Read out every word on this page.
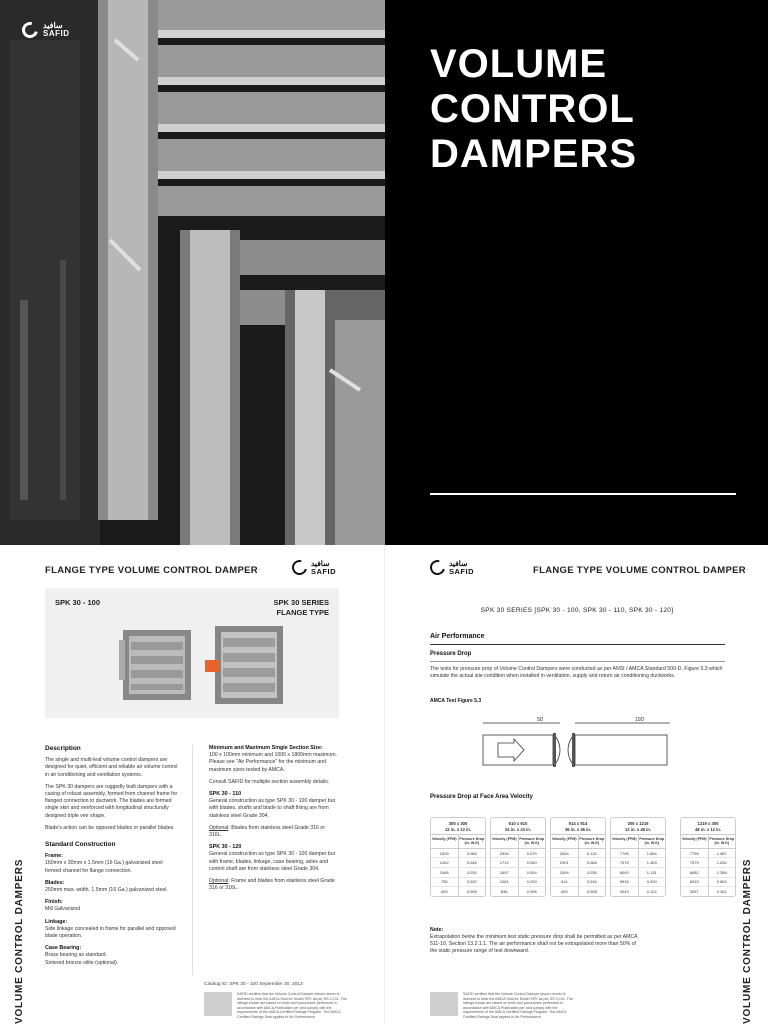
سافيد
SAFID
VOLUME
CONTROL
DAMPERS
FLANGE TYPE VOLUME CONTROL DAMPER
سافيد
SAFID
SPK 30 - 100	SPK 30 SERIES
FLANGE TYPE
Description

The single and multi-leaf volume control dampers are designed for quiet, efficient and reliable air volume control in air conditioning and ventilation systems.

The SPK 30 dampers are ruggedly built dampers with a casing of robust assembly, formed from channel frame for flanged connection to ductwork. The blades are formed single skin and reinforced with longitudinal structurally designed triple vee shape.

Blade's action can be opposed blades or parallel blades.

Standard Construction
Frame:

160mm x 30mm x 1.5mm (16 Ga.) galvanized steel formed channel for flange connection.

Blades:

250mm max. width, 1.5mm (16 Ga.) galvanized steel.

Finish:

Mill Galvanized

Linkage:

Side linkage concealed in frame for parallel and opposed blade operation.

Case Bearing:
Brass bearing as standard.
Sintered bronze oilite (optional).
Minimum and Maximum Single Section Size:

100 x 100mm minimum and 1000 x 1800mm maximum. Please see "Air Performance" for the minimum and maximum sizes tested by AMCA.

Consult SAFID for multiple section assembly details.

SPK 30 - 110

General construction as type SPK 30 - 100 damper but with blades, shafts and blade to shaft fixing are from stainless steel Grade 304.

Optional: Blades from stainless steel Grade 316 or 316L.

SPK 30 - 120

General construction as type SPK 30 - 100 damper but with frame, blades, linkage, case bearing, axles and control shaft are from stainless steel Grade 304.

Optional: Frame and blades from stainless steel Grade 316 or 316L.

Catalog ID: SPK 30 - 100 September 30, 2013
SAFID certifies that the Volume Control Damper shown herein is licensed to bear the AMCA Seal for Model SPK as per DS 0-101. The ratings shown are based on tests and procedures performed in accordance with AMCA Publication per and comply with the requirements of the AMCA Certified Ratings Program. The AMCA Certified Ratings Seal applies to Air Performance
VOLUME CONTROL DAMPERS
سافيد
SAFID	FLANGE TYPE VOLUME CONTROL DAMPER
SPK 30 SERIES [SPK 30 - 100, SPK 30 - 110, SPK 30 - 120]
Air Performance
Pressure Drop
The tests for pressure prop of Volume Control Dampers were conducted as per ANSI / AMCA Standard 500-D, Figure 5.3 which simulate the actual site condition when installed in ventilation, supply and return air conditioning ductworks.
AMCA Test Figure 5.3
5D	10D
Pressure Drop at Face Area Velocity
305 x 305
12 in. x 12 in.
Velocity (FPM) Pressure Drop (in. W.G)
1529	0.065
1262	0.046
1066	0.030
755	0.032
493	0.005
610 x 610
24 in. x 24 in.
Velocity (FPM) Pressure Drop (in. W.G)
2930	0.079
1712	0.060
1697	0.054
1061	0.020
836	0.006
914 x 914
36 in. x 36 in.
Velocity (FPM) Pressure Drop (in. W.G)
2694	0.115
1991	0.068
1594	0.035
914	0.016
493	0.008
305 x 1219
12 in. x 48 in.
Velocity (FPM) Pressure Drop (in. W.G)
7795	1.894
7075	1.363
6049	1.131
5916	0.200
3043	0.122
1219 x 305
48 in. x 12 in.
Velocity (FPM) Pressure Drop (in. W.G)
7755	1.987
7579	1.630
6082	1.356
6015	0.802
3057	0.301
Note:
Extrapolation below the minimum test static pressure drop shall be permitted as per AMCA 511-10, Section 13.2.1.1. The air performance shall not be extrapolated more than 50% of the static pressure range of test downward.
SAFID certifies that the Volume Control Damper shown herein is licensed to bear the AMCA Seal for Model SPK as per DS 0-101. The ratings shown are based on tests and procedures performed in accordance with AMCA Publication per and comply with the requirements of the AMCA Certified Ratings Program. The AMCA Certified Ratings Seal applies to Air Performance	VOLUME CONTROL DAMPERS
